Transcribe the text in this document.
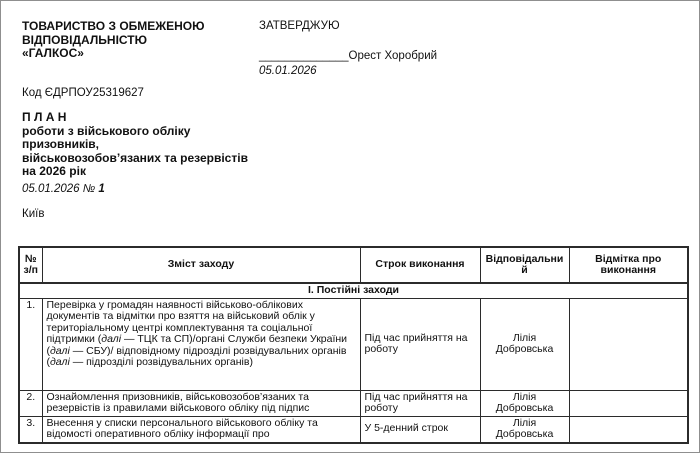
ТОВАРИСТВО З ОБМЕЖЕНОЮ
ВІДПОВІДАЛЬНІСТЮ
«ГАЛКОС»
ЗАТВЕРДЖУЮ
______________Орест Хоробрий
05.01.2026
Код ЄДРПОУ25319627
П Л А Н
роботи з військового обліку
призовників,
військовозобов’язаних та резервістів
на 2026 рік
05.01.2026 № 1
Київ
№ з/п	Зміст заходу	Строк виконання	Відповідальний	Відмітка про виконання
І. Постійні заходи				
1.	Перевірка у громадян наявності військово-облікових документів та відмітки про взяття на військовий облік у територіальному центрі комплектування та соціальної підтримки (далі — ТЦК та СП)/органі Служби безпеки України (далі — СБУ)/ відповідному підрозділі розвідувальних органів (далі — підрозділі розвідувальних органів)	Під час прийняття на роботу	Лілія Добровська	
2.	Ознайомлення призовників, військовозобов’язаних та резервістів із правилами військового обліку під підпис	Під час прийняття на роботу	Лілія Добровська	
3.	Внесення у списки персонального військового обліку та відомості оперативного обліку інформації про	У 5-денний строк	Лілія Добровська	
